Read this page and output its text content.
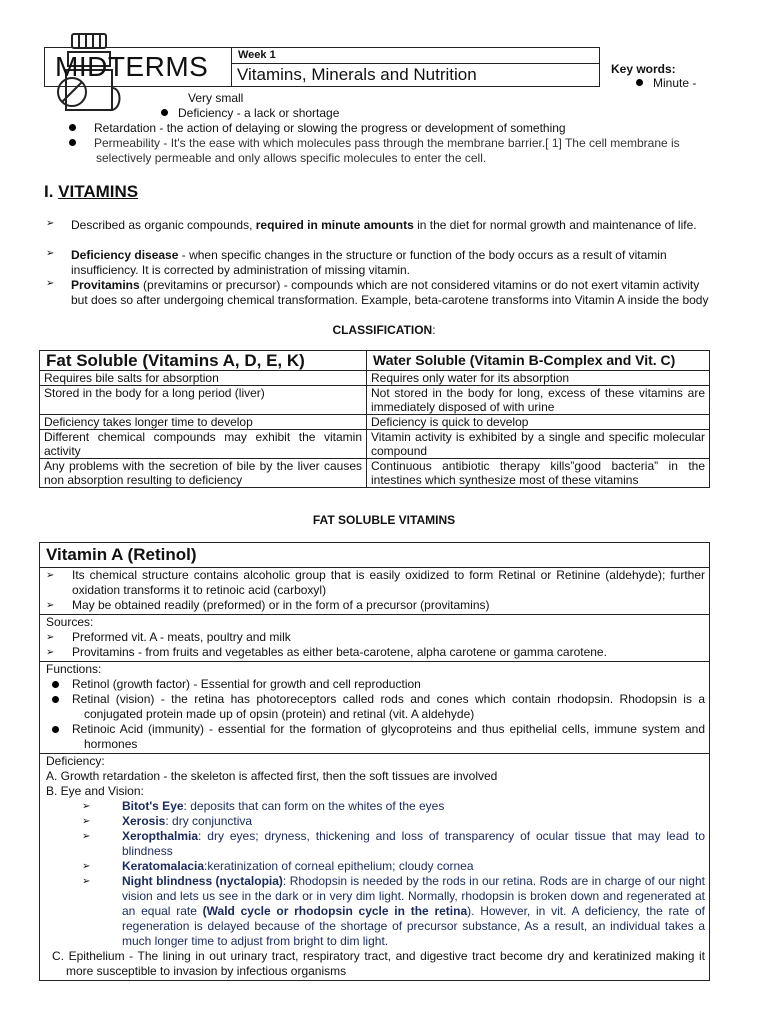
MIDTERMS	Week 1
Vitamins, Minerals and Nutrition	Key words:
Minute -
Very small
Deficiency - a lack or shortage
Retardation - the action of delaying or slowing the progress or development of something
Permeability - It's the ease with which molecules pass through the membrane barrier.[ 1] The cell membrane is
selectively permeable and only allows specific molecules to enter the cell.
I. VITAMINS
➢ Described as organic compounds, required in minute amounts in the diet for normal growth and maintenance of life.
➢ Deficiency disease - when specific changes in the structure or function of the body occurs as a result of vitamin insufficiency. It is corrected by administration of missing vitamin.
➢ Provitamins (previtamins or precursor) - compounds which are not considered vitamins or do not exert vitamin activity but does so after undergoing chemical transformation. Example, beta-carotene transforms into Vitamin A inside the body
CLASSIFICATION:
Fat Soluble (Vitamins A, D, E, K)	Water Soluble (Vitamin B-Complex and Vit. C)
Requires bile salts for absorption	Requires only water for its absorption
Stored in the body for a long period (liver)	Not stored in the body for long, excess of these vitamins are immediately disposed of with urine
Deficiency takes longer time to develop	Deficiency is quick to develop
Different chemical compounds may exhibit the vitamin activity	Vitamin activity is exhibited by a single and specific molecular compound
Any problems with the secretion of bile by the liver causes non absorption resulting to deficiency	Continuous antibiotic therapy kills”good bacteria” in the intestines which synthesize most of these vitamins
FAT SOLUBLE VITAMINS
Vitamin A (Retinol)
➢ Its chemical structure contains alcoholic group that is easily oxidized to form Retinal or Retinine (aldehyde); further oxidation transforms it to retinoic acid (carboxyl)
➢ May be obtained readily (preformed) or in the form of a precursor (provitamins)
Sources:
➢ Preformed vit. A - meats, poultry and milk
➢ Provitamins - from fruits and vegetables as either beta-carotene, alpha carotene or gamma carotene.
Functions:
Retinol (growth factor) - Essential for growth and cell reproduction
Retinal (vision) - the retina has photoreceptors called rods and cones which contain rhodopsin. Rhodopsin is a conjugated protein made up of opsin (protein) and retinal (vit. A aldehyde)
Retinoic Acid (immunity) - essential for the formation of glycoproteins and thus epithelial cells, immune system and hormones
Deficiency:
A. Growth retardation - the skeleton is affected first, then the soft tissues are involved
B. Eye and Vision:
➢	Bitot's Eye: deposits that can form on the whites of the eyes
➢	Xerosis: dry conjunctiva
➢	Xeropthalmia: dry eyes; dryness, thickening and loss of transparency of ocular tissue that may lead to blindness
➢	Keratomalacia:keratinization of corneal epithelium; cloudy cornea
➢	Night blindness (nyctalopia): Rhodopsin is needed by the rods in our retina. Rods are in charge of our night vision and lets us see in the dark or in very dim light. Normally, rhodopsin is broken down and regenerated at an equal rate (Wald cycle or rhodopsin cycle in the retina). However, in vit. A deficiency, the rate of regeneration is delayed because of the shortage of precursor substance, As a result, an individual takes a much longer time to adjust from bright to dim light.
C. Epithelium - The lining in out urinary tract, respiratory tract, and digestive tract become dry and keratinized making it more susceptible to invasion by infectious organisms
